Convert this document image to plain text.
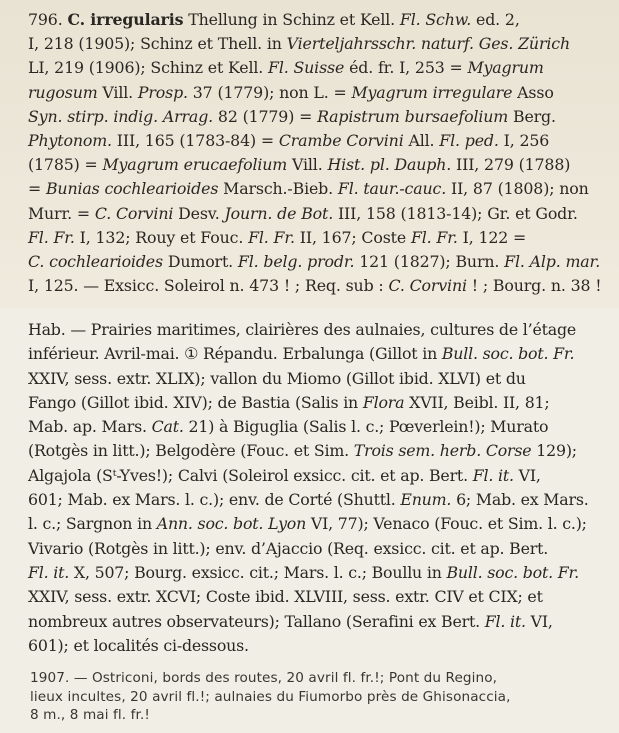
796. C. irregularis Thellung in Schinz et Kell. Fl. Schw. ed. 2,
I, 218 (1905); Schinz et Thell. in Vierteljahrsschr. naturf. Ges. Zürich
LI, 219 (1906); Schinz et Kell. Fl. Suisse éd. fr. I, 253 = Myagrum
rugosum Vill. Prosp. 37 (1779); non L. = Myagrum irregulare Asso
Syn. stirp. indig. Arrag. 82 (1779) = Rapistrum bursaefolium Berg.
Phytonom. III, 165 (1783-84) = Crambe Corvini All. Fl. ped. I, 256
(1785) = Myagrum erucaefolium Vill. Hist. pl. Dauph. III, 279 (1788)
= Bunias cochlearioides Marsch.-Bieb. Fl. taur.-cauc. II, 87 (1808); non
Murr. = C. Corvini Desv. Journ. de Bot. III, 158 (1813-14); Gr. et Godr.
Fl. Fr. I, 132; Rouy et Fouc. Fl. Fr. II, 167; Coste Fl. Fr. I, 122 =
C. cochlearioides Dumort. Fl. belg. prodr. 121 (1827); Burn. Fl. Alp. mar.
I, 125. — Exsicc. Soleirol n. 473 ! ; Req. sub : C. Corvini ! ; Bourg. n. 38 !
Hab. — Prairies maritimes, clairières des aulnaies, cultures de l’étage
inférieur. Avril-mai. ① Répandu. Erbalunga (Gillot in Bull. soc. bot. Fr.
XXIV, sess. extr. XLIX); vallon du Miomo (Gillot ibid. XLVI) et du
Fango (Gillot ibid. XIV); de Bastia (Salis in Flora XVII, Beibl. II, 81;
Mab. ap. Mars. Cat. 21) à Biguglia (Salis l. c.; Pœverlein!); Murato
(Rotgès in litt.); Belgodère (Fouc. et Sim. Trois sem. herb. Corse 129);
Algajola (Sᵗ-Yves!); Calvi (Soleirol exsicc. cit. et ap. Bert. Fl. it. VI,
601; Mab. ex Mars. l. c.); env. de Corté (Shuttl. Enum. 6; Mab. ex Mars.
l. c.; Sargnon in Ann. soc. bot. Lyon VI, 77); Venaco (Fouc. et Sim. l. c.);
Vivario (Rotgès in litt.); env. d’Ajaccio (Req. exsicc. cit. et ap. Bert.
Fl. it. X, 507; Bourg. exsicc. cit.; Mars. l. c.; Boullu in Bull. soc. bot. Fr.
XXIV, sess. extr. XCVI; Coste ibid. XLVIII, sess. extr. CIV et CIX; et
nombreux autres observateurs); Tallano (Serafini ex Bert. Fl. it. VI,
601); et localités ci-dessous.
1907. — Ostriconi, bords des routes, 20 avril fl. fr.!; Pont du Regino,
lieux incultes, 20 avril fl.!; aulnaies du Fiumorbo près de Ghisonaccia,
8 m., 8 mai fl. fr.!
